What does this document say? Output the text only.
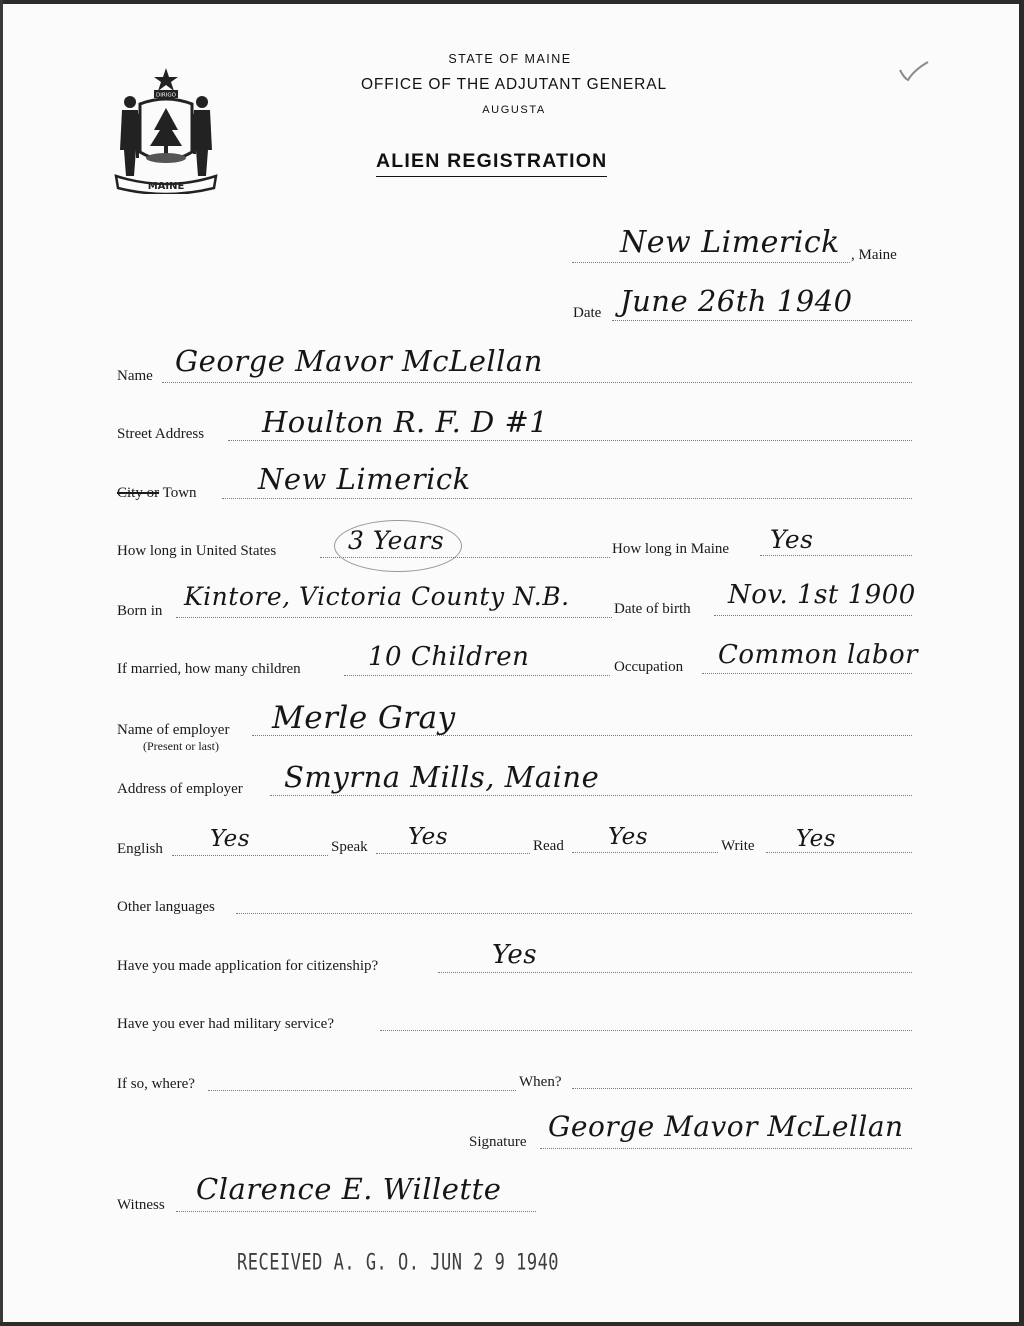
DIRIGO
MAINE
STATE OF MAINE
OFFICE OF THE ADJUTANT GENERAL
AUGUSTA
ALIEN REGISTRATION
New Limerick , Maine
Date June 26th 1940
Name George Mavor McLellan
Street Address Houlton R. F. D #1
City or Town New Limerick
How long in United States	3 Years	How long in Maine Yes
Born in Kintore, Victoria County N.B.	Date of birth Nov. 1st 1900
If married, how many children	10 Children	Occupation Common labor
Name of employer
(Present or last)
Merle Gray
Address of employer Smyrna Mills, Maine
English Yes	Speak Yes	Read Yes	Write Yes
Other languages
Have you made application for citizenship?	Yes
Have you ever had military service?
If so, where?	When?
Signature George Mavor McLellan
Witness Clarence E. Willette
RECEIVED A. G. O. JUN 2 9 1940
